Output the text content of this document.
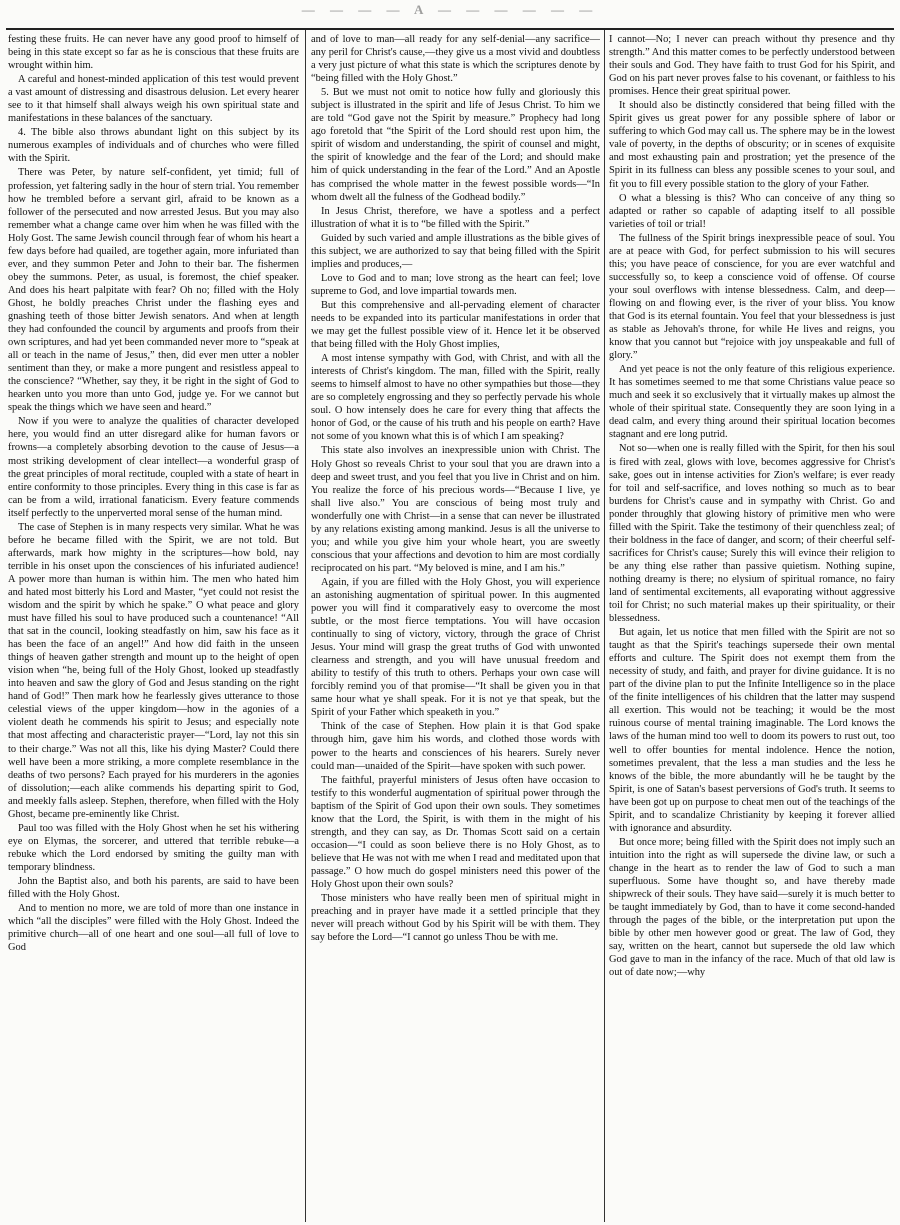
— — — — A — — — — — —

festing these fruits. He can never have any good proof to himself of being in this state except so far as he is conscious that these fruits are wrought within him.

A careful and honest-minded application of this test would prevent a vast amount of distressing and disastrous delusion. Let every hearer see to it that himself shall always weigh his own spiritual state and manifestations in these balances of the sanctuary.

4. The bible also throws abundant light on this subject by its numerous examples of individuals and of churches who were filled with the Spirit.

There was Peter, by nature self-confident, yet timid; full of profession, yet faltering sadly in the hour of stern trial. You remember how he trembled before a servant girl, afraid to be known as a follower of the persecuted and now arrested Jesus. But you may also remember what a change came over him when he was filled with the Holy Gost. The same Jewish council through fear of whom his heart a few days before had quailed, are together again, more infuriated than ever, and they summon Peter and John to their bar. The fishermen obey the summons. Peter, as usual, is foremost, the chief speaker. And does his heart palpitate with fear? Oh no; filled with the Holy Ghost, he boldly preaches Christ under the flashing eyes and gnashing teeth of those bitter Jewish senators. And when at length they had confounded the council by arguments and proofs from their own scriptures, and had yet been commanded never more to “speak at all or teach in the name of Jesus,” then, did ever men utter a nobler sentiment than they, or make a more pungent and resistless appeal to the conscience? “Whether, say they, it be right in the sight of God to hearken unto you more than unto God, judge ye. For we cannot but speak the things which we have seen and heard.”

Now if you were to analyze the qualities of character developed here, you would find an utter disregard alike for human favors or frowns—a completely absorbing devotion to the cause of Jesus—a most striking development of clear intellect—a wonderful grasp of the great principles of moral rectitude, coupled with a state of heart in entire conformity to those principles. Every thing in this case is far as can be from a wild, irrational fanaticism. Every feature commends itself perfectly to the unperverted moral sense of the human mind.

The case of Stephen is in many respects very similar. What he was before he became filled with the Spirit, we are not told. But afterwards, mark how mighty in the scriptures—how bold, nay terrible in his onset upon the consciences of his infuriated audience! A power more than human is within him. The men who hated him and hated most bitterly his Lord and Master, “yet could not resist the wisdom and the spirit by which he spake.” O what peace and glory must have filled his soul to have produced such a countenance! “All that sat in the council, looking steadfastly on him, saw his face as it has been the face of an angel!” And how did faith in the unseen things of heaven gather strength and mount up to the height of open vision when “he, being full of the Holy Ghost, looked up steadfastly into heaven and saw the glory of God and Jesus standing on the right hand of God!” Then mark how he fearlessly gives utterance to those celestial views of the upper kingdom—how in the agonies of a violent death he commends his spirit to Jesus; and especially note that most affecting and characteristic prayer—“Lord, lay not this sin to their charge.” Was not all this, like his dying Master? Could there well have been a more striking, a more complete resemblance in the deaths of two persons? Each prayed for his murderers in the agonies of dissolution;—each alike commends his departing spirit to God, and meekly falls asleep. Stephen, therefore, when filled with the Holy Ghost, became pre-eminently like Christ.

Paul too was filled with the Holy Ghost when he set his withering eye on Elymas, the sorcerer, and uttered that terrible rebuke—a rebuke which the Lord endorsed by smiting the guilty man with temporary blindness.

John the Baptist also, and both his parents, are said to have been filled with the Holy Ghost.

And to mention no more, we are told of more than one instance in which “all the disciples” were filled with the Holy Ghost. Indeed the primitive church—all of one heart and one soul—all full of love to God

and of love to man—all ready for any self-denial—any sacrifice—any peril for Christ's cause,—they give us a most vivid and doubtless a very just picture of what this state is which the scriptures denote by “being filled with the Holy Ghost.”

5. But we must not omit to notice how fully and gloriously this subject is illustrated in the spirit and life of Jesus Christ. To him we are told “God gave not the Spirit by measure.” Prophecy had long ago foretold that “the Spirit of the Lord should rest upon him, the spirit of wisdom and understanding, the spirit of counsel and might, the spirit of knowledge and the fear of the Lord; and should make him of quick understanding in the fear of the Lord.” And an Apostle has comprised the whole matter in the fewest possible words—“In whom dwelt all the fulness of the Godhead bodily.”

In Jesus Christ, therefore, we have a spotless and a perfect illustration of what it is to “be filled with the Spirit.”

Guided by such varied and ample illustrations as the bible gives of this subject, we are authorized to say that being filled with the Spirit implies and produces,—

Love to God and to man; love strong as the heart can feel; love supreme to God, and love impartial towards men.

But this comprehensive and all-pervading element of character needs to be expanded into its particular manifestations in order that we may get the fullest possible view of it. Hence let it be observed that being filled with the Holy Ghost implies,

A most intense sympathy with God, with Christ, and with all the interests of Christ's kingdom. The man, filled with the Spirit, really seems to himself almost to have no other sympathies but those—they are so completely engrossing and they so perfectly pervade his whole soul. O how intensely does he care for every thing that affects the honor of God, or the cause of his truth and his people on earth? Have not some of you known what this is of which I am speaking?

This state also involves an inexpressible union with Christ. The Holy Ghost so reveals Christ to your soul that you are drawn into a deep and sweet trust, and you feel that you live in Christ and on him. You realize the force of his precious words—“Because I live, ye shall live also.” You are conscious of being most truly and wonderfully one with Christ—in a sense that can never be illustrated by any relations existing among mankind. Jesus is all the universe to you; and while you give him your whole heart, you are sweetly conscious that your affections and devotion to him are most cordially reciprocated on his part. “My beloved is mine, and I am his.”

Again, if you are filled with the Holy Ghost, you will experience an astonishing augmentation of spiritual power. In this augmented power you will find it comparatively easy to overcome the most subtle, or the most fierce temptations. You will have occasion continually to sing of victory, victory, through the grace of Christ Jesus. Your mind will grasp the great truths of God with unwonted clearness and strength, and you will have unusual freedom and ability to testify of this truth to others. Perhaps your own case will forcibly remind you of that promise—“It shall be given you in that same hour what ye shall speak. For it is not ye that speak, but the Spirit of your Father which speaketh in you.”

Think of the case of Stephen. How plain it is that God spake through him, gave him his words, and clothed those words with power to the hearts and consciences of his hearers. Surely never could man—unaided of the Spirit—have spoken with such power.

The faithful, prayerful ministers of Jesus often have occasion to testify to this wonderful augmentation of spiritual power through the baptism of the Spirit of God upon their own souls. They sometimes know that the Lord, the Spirit, is with them in the might of his strength, and they can say, as Dr. Thomas Scott said on a certain occasion—“I could as soon believe there is no Holy Ghost, as to believe that He was not with me when I read and meditated upon that passage.” O how much do gospel ministers need this power of the Holy Ghost upon their own souls?

Those ministers who have really been men of spiritual might in preaching and in prayer have made it a settled principle that they never will preach without God by his Spirit will be with them. They say before the Lord—“I cannot go unless Thou be with me.

I cannot—No; I never can preach without thy presence and thy strength.” And this matter comes to be perfectly understood between their souls and God. They have faith to trust God for his Spirit, and God on his part never proves false to his covenant, or faithless to his promises. Hence their great spiritual power.

It should also be distinctly considered that being filled with the Spirit gives us great power for any possible sphere of labor or suffering to which God may call us. The sphere may be in the lowest vale of poverty, in the depths of obscurity; or in scenes of exquisite and most exhausting pain and prostration; yet the presence of the Spirit in its fullness can bless any possible scenes to your soul, and fit you to fill every possible station to the glory of your Father.

O what a blessing is this? Who can conceive of any thing so adapted or rather so capable of adapting itself to all possible varieties of toil or trial!

The fullness of the Spirit brings inexpressible peace of soul. You are at peace with God, for perfect submission to his will secures this; you have peace of conscience, for you are ever watchful and successfully so, to keep a conscience void of offense. Of course your soul overflows with intense blessedness. Calm, and deep—flowing on and flowing ever, is the river of your bliss. You know that God is its eternal fountain. You feel that your blessedness is just as stable as Jehovah's throne, for while He lives and reigns, you know that you cannot but “rejoice with joy unspeakable and full of glory.”

And yet peace is not the only feature of this religious experience. It has sometimes seemed to me that some Christians value peace so much and seek it so exclusively that it virtually makes up almost the whole of their spiritual state. Consequently they are soon lying in a dead calm, and every thing around their spiritual location becomes stagnant and ere long putrid.

Not so—when one is really filled with the Spirit, for then his soul is fired with zeal, glows with love, becomes aggressive for Christ's sake, goes out in intense activities for Zion's welfare; is ever ready for toil and self-sacrifice, and loves nothing so much as to bear burdens for Christ's cause and in sympathy with Christ. Go and ponder throughly that glowing history of primitive men who were filled with the Spirit. Take the testimony of their quenchless zeal; of their boldness in the face of danger, and scorn; of their cheerful self-sacrifices for Christ's cause; Surely this will evince their religion to be any thing else rather than passive quietism. Nothing supine, nothing dreamy is there; no elysium of spiritual romance, no fairy land of sentimental excitements, all evaporating without aggressive toil for Christ; no such material makes up their spirituality, or their blessedness.

But again, let us notice that men filled with the Spirit are not so taught as that the Spirit's teachings supersede their own mental efforts and culture. The Spirit does not exempt them from the necessity of study, and faith, and prayer for divine guidance. It is no part of the divine plan to put the Infinite Intelligence so in the place of the finite intelligences of his children that the latter may suspend all exertion. This would not be teaching; it would be the most ruinous course of mental training imaginable. The Lord knows the laws of the human mind too well to doom its powers to rust out, too well to offer bounties for mental indolence. Hence the notion, sometimes prevalent, that the less a man studies and the less he knows of the bible, the more abundantly will he be taught by the Spirit, is one of Satan's basest perversions of God's truth. It seems to have been got up on purpose to cheat men out of the teachings of the Spirit, and to scandalize Christianity by keeping it forever allied with ignorance and absurdity.

But once more; being filled with the Spirit does not imply such an intuition into the right as will supersede the divine law, or such a change in the heart as to render the law of God to such a man superfluous. Some have thought so, and have thereby made shipwreck of their souls. They have said—surely it is much better to be taught immediately by God, than to have it come second-handed through the pages of the bible, or the interpretation put upon the bible by other men however good or great. The law of God, they say, written on the heart, cannot but supersede the old law which God gave to man in the infancy of the race. Much of that old law is out of date now;—why
